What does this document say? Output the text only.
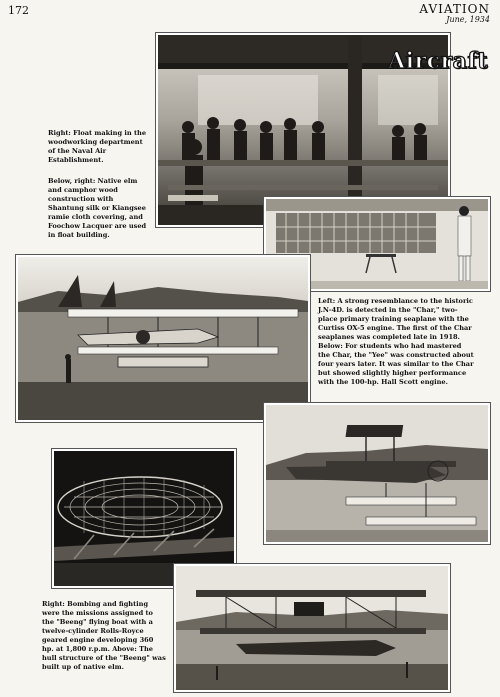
172	AVIATION
June, 1934
Aircraft
Right: Float making in the woodworking department of the Naval Air Establishment.
Below, right: Native elm and camphor wood construction with Shantung silk or Kiangsee ramie cloth covering, and Foochow Lacquer are used in float building.
Left: A strong resemblance to the historic J.N-4D. is detected in the "Char," two-place primary training seaplane with the Curtiss OX-5 engine. The first of the Char seaplanes was completed late in 1918. Below: For students who had mastered the Char, the "Yee" was constructed about four years later. It was similar to the Char but showed slightly higher performance with the 100-hp. Hall Scott engine.
Right: Bombing and fighting were the missions assigned to the "Beeng" flying boat with a twelve-cylinder Rolls-Royce geared engine developing 360 hp. at 1,800 r.p.m. Above: The hull structure of the "Beeng" was built up of native elm.
